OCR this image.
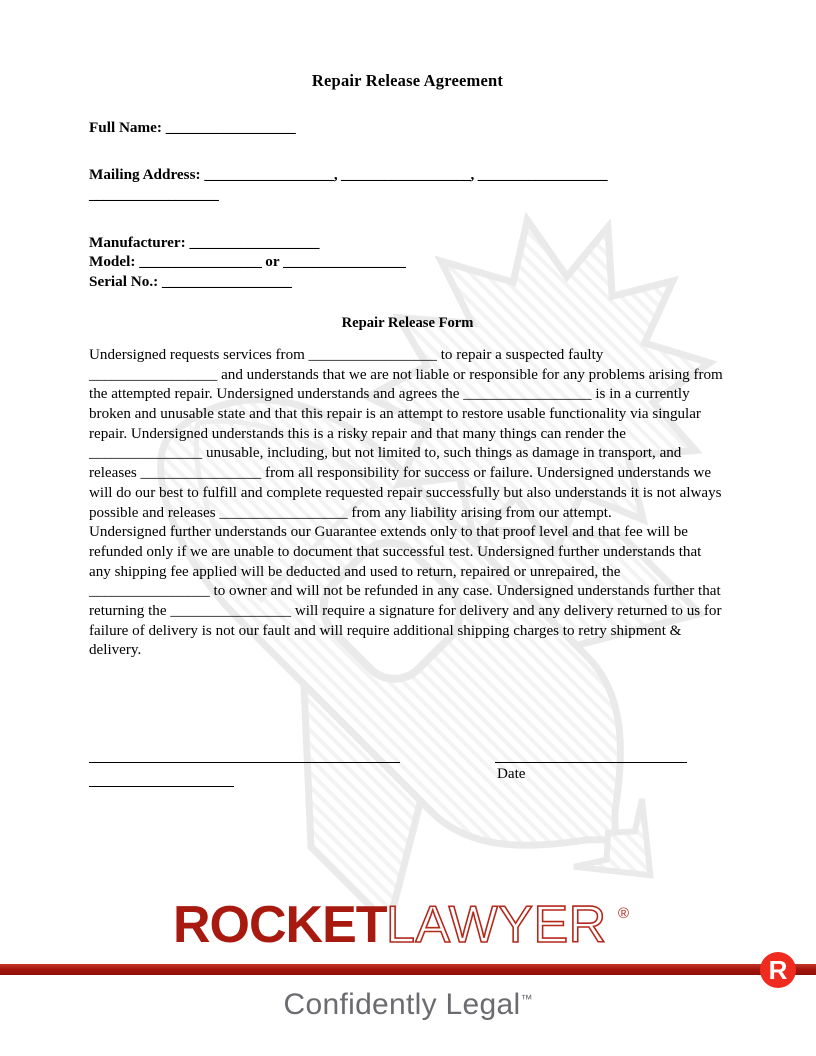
Repair Release Agreement
Full Name: __________________
Mailing Address: __________________, __________________, __________________ __________________
Manufacturer: __________________
Model: _________________ or _________________
Serial No.: __________________
Repair Release Form

Undersigned requests services from _________________ to repair a suspected faulty _________________ and understands that we are not liable or responsible for any problems arising from the attempted repair. Undersigned understands and agrees the _________________ is in a currently broken and unusable state and that this repair is an attempt to restore usable functionality via singular repair. Undersigned understands this is a risky repair and that many things can render the _______________ unusable, including, but not limited to, such things as damage in transport, and releases ________________ from all responsibility for success or failure. Undersigned understands we will do our best to fulfill and complete requested repair successfully but also understands it is not always possible and releases _________________ from any liability arising from our attempt.

Undersigned further understands our Guarantee extends only to that proof level and that fee will be refunded only if we are unable to document that successful test. Undersigned further understands that any shipping fee applied will be deducted and used to return, repaired or unrepaired, the ________________ to owner and will not be refunded in any case. Undersigned understands further that returning the ________________ will require a signature for delivery and any delivery returned to us for failure of delivery is not our fault and will require additional shipping charges to retry shipment & delivery.

Date
ROCKET LAWYER ®
R
Confidently Legal™
